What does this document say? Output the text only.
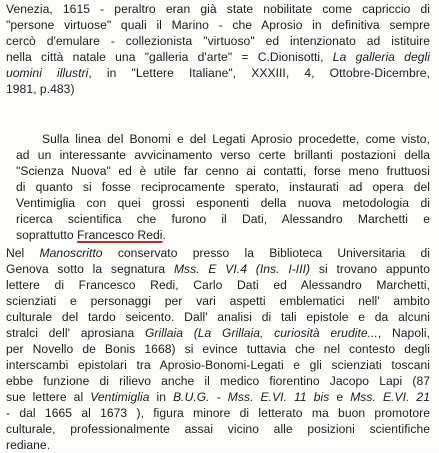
Venezia, 1615 - peraltro eran già state nobilitate come capriccio di
"persone virtuose" quali il Marino - che Aprosio in definitiva sempre
cercò d'emulare - collezionista "virtuoso" ed intenzionato ad istituire
nella città natale una "galleria d'arte" = C.Dionisotti, La galleria degli
uomini illustri, in "Lettere Italiane", XXXIII, 4, Ottobre-Dicembre,
1981, p.483)
Sulla linea del Bonomi e del Legati Aprosio procedette, come visto,
ad un interessante avvicinamento verso certe brillanti postazioni della
"Scienza Nuova" ed è utile far cenno ai contatti, forse meno fruttuosi
di quanto si fosse reciprocamente sperato, instaurati ad opera del
Ventimiglia con quei grossi esponenti della nuova metodologia di
ricerca scientifica che furono il Dati, Alessandro Marchetti e
soprattutto Francesco Redi.
Nel Manoscritto conservato presso la Biblioteca Universitaria di
Genova sotto la segnatura Mss. E VI.4 (Ins. I-III) si trovano appunto
lettere di Francesco Redi, Carlo Dati ed Alessandro Marchetti,
scienziati e personaggi per vari aspetti emblematici nell' ambito
culturale del tardo seicento. Dall' analisi di tali epistole e da alcuni
stralci dell' aprosiana Grillaia (La Grillaia, curiosità erudite..., Napoli,
per Novello de Bonis 1668) si evince tuttavia che nel contesto degli
interscambi epistolari tra Aprosio-Bonomi-Legati e gli scienziati toscani
ebbe funzione di rilievo anche il medico fiorentino Jacopo Lapi (87
sue lettere al Ventimiglia in B.U.G. - Mss. E.VI. 11 bis e Mss. E.VI. 21
- dal 1665 al 1673 ), figura minore di letterato ma buon promotore
culturale, professionalmente assai vicino alle posizioni scientifiche
rediane.
